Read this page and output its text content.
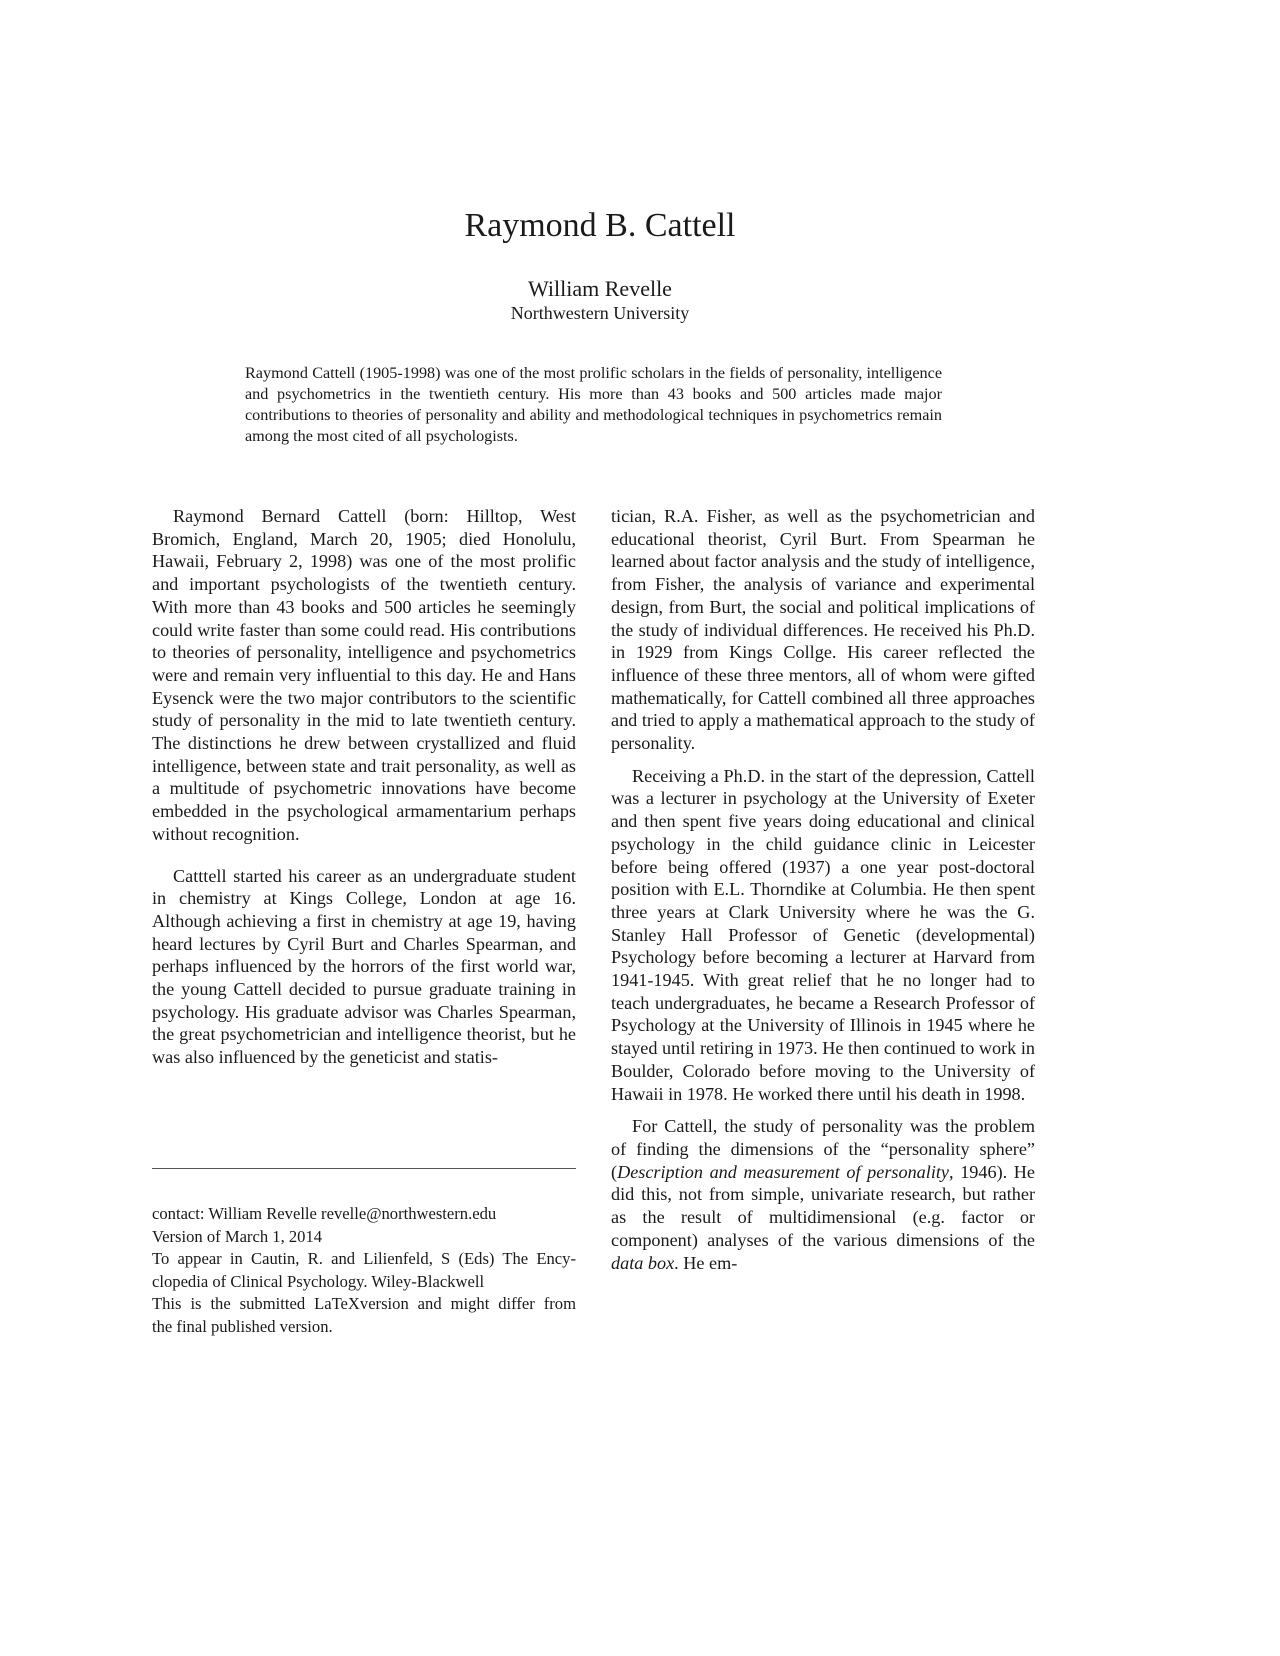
Raymond B. Cattell
William Revelle
Northwestern University

Raymond Cattell (1905-1998) was one of the most prolific scholars in the fields of personality, intelligence and psychometrics in the twentieth century. His more than 43 books and 500 articles made major contributions to theories of personality and ability and methodological techniques in psychometrics remain among the most cited of all psychologists.

Raymond Bernard Cattell (born: Hilltop, West Bromich, England, March 20, 1905; died Honolulu, Hawaii, February 2, 1998) was one of the most prolific and important psychologists of the twentieth century. With more than 43 books and 500 articles he seemingly could write faster than some could read. His contributions to theories of personality, intelligence and psychometrics were and remain very influential to this day. He and Hans Eysenck were the two major contributors to the scientific study of personality in the mid to late twentieth century. The distinctions he drew between crystallized and fluid intelligence, between state and trait personality, as well as a multitude of psychometric innovations have become embedded in the psychological armamentarium perhaps without recognition.

Catttell started his career as an undergraduate student in chemistry at Kings College, London at age 16. Although achieving a first in chemistry at age 19, having heard lectures by Cyril Burt and Charles Spearman, and perhaps influenced by the horrors of the first world war, the young Cattell decided to pursue graduate training in psychology. His graduate advisor was Charles Spearman, the great psychometrician and intelligence theorist, but he was also influenced by the geneticist and statis-

contact: William Revelle revelle@northwestern.edu
Version of March 1, 2014
To appear in Cautin, R. and Lilienfeld, S (Eds) The Ency-
clopedia of Clinical Psychology. Wiley-Blackwell
This is the submitted LaTeXversion and might differ from
the final published version.

tician, R.A. Fisher, as well as the psychometrician and educational theorist, Cyril Burt. From Spearman he learned about factor analysis and the study of intelligence, from Fisher, the analysis of variance and experimental design, from Burt, the social and political implications of the study of individual differences. He received his Ph.D. in 1929 from Kings Collge. His career reflected the influence of these three mentors, all of whom were gifted mathematically, for Cattell combined all three approaches and tried to apply a mathematical approach to the study of personality.

Receiving a Ph.D. in the start of the depression, Cattell was a lecturer in psychology at the University of Exeter and then spent five years doing educational and clinical psychology in the child guidance clinic in Leicester before being offered (1937) a one year post-doctoral position with E.L. Thorndike at Columbia. He then spent three years at Clark University where he was the G. Stanley Hall Professor of Genetic (developmental) Psychology before becoming a lecturer at Harvard from 1941-1945. With great relief that he no longer had to teach undergraduates, he became a Research Professor of Psychology at the University of Illinois in 1945 where he stayed until retiring in 1973. He then continued to work in Boulder, Colorado before moving to the University of Hawaii in 1978. He worked there until his death in 1998.

For Cattell, the study of personality was the problem of finding the dimensions of the “personality sphere” (Description and measurement of personality, 1946). He did this, not from simple, univariate research, but rather as the result of multidimensional (e.g. factor or component) analyses of the various dimensions of the data box. He em-
